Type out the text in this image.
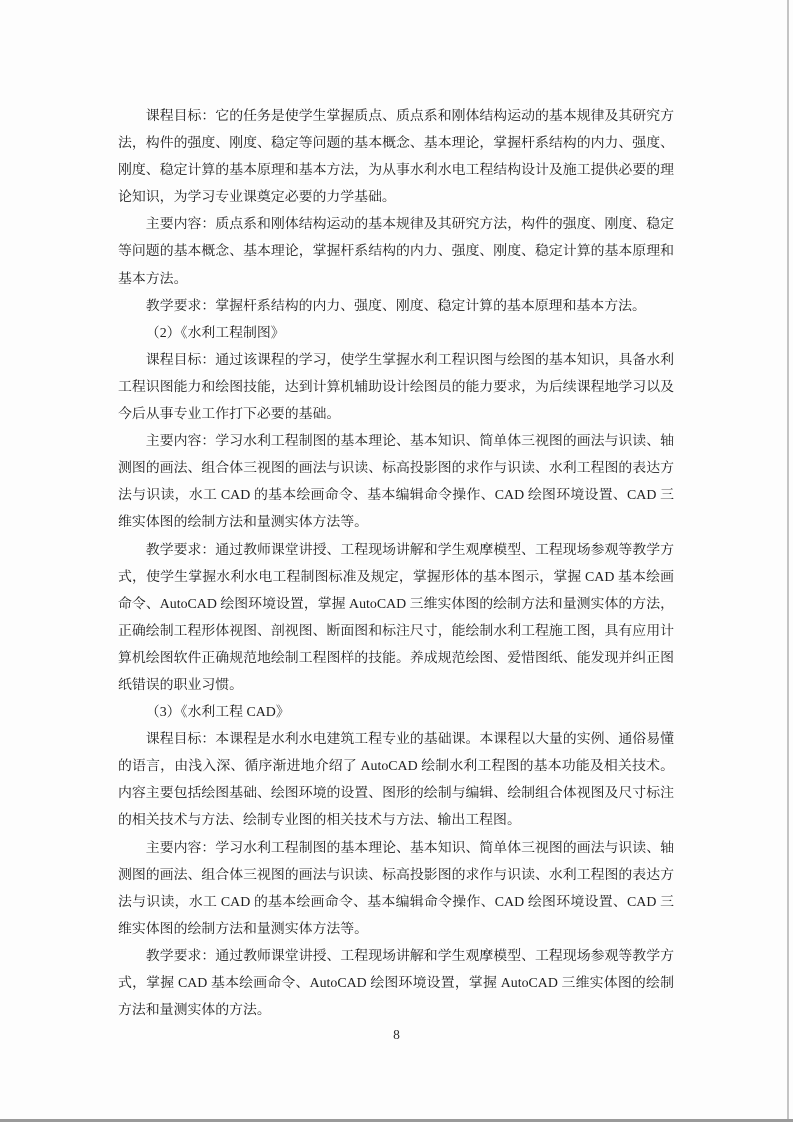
课程目标：它的任务是使学生掌握质点、质点系和刚体结构运动的基本规律及其研究方法，构件的强度、刚度、稳定等问题的基本概念、基本理论，掌握杆系结构的内力、强度、刚度、稳定计算的基本原理和基本方法，为从事水利水电工程结构设计及施工提供必要的理论知识，为学习专业课奠定必要的力学基础。

主要内容：质点系和刚体结构运动的基本规律及其研究方法，构件的强度、刚度、稳定等问题的基本概念、基本理论，掌握杆系结构的内力、强度、刚度、稳定计算的基本原理和基本方法。

教学要求：掌握杆系结构的内力、强度、刚度、稳定计算的基本原理和基本方法。

（2）《水利工程制图》

课程目标：通过该课程的学习，使学生掌握水利工程识图与绘图的基本知识，具备水利工程识图能力和绘图技能，达到计算机辅助设计绘图员的能力要求，为后续课程地学习以及今后从事专业工作打下必要的基础。

主要内容：学习水利工程制图的基本理论、基本知识、简单体三视图的画法与识读、轴测图的画法、组合体三视图的画法与识读、标高投影图的求作与识读、水利工程图的表达方法与识读，水工 CAD 的基本绘画命令、基本编辑命令操作、CAD 绘图环境设置、CAD 三维实体图的绘制方法和量测实体方法等。

教学要求：通过教师课堂讲授、工程现场讲解和学生观摩模型、工程现场参观等教学方式，使学生掌握水利水电工程制图标准及规定，掌握形体的基本图示，掌握 CAD 基本绘画命令、AutoCAD 绘图环境设置，掌握 AutoCAD 三维实体图的绘制方法和量测实体的方法，正确绘制工程形体视图、剖视图、断面图和标注尺寸，能绘制水利工程施工图，具有应用计算机绘图软件正确规范地绘制工程图样的技能。养成规范绘图、爱惜图纸、能发现并纠正图纸错误的职业习惯。

（3）《水利工程 CAD》

课程目标：本课程是水利水电建筑工程专业的基础课。本课程以大量的实例、通俗易懂的语言，由浅入深、循序渐进地介绍了 AutoCAD 绘制水利工程图的基本功能及相关技术。内容主要包括绘图基础、绘图环境的设置、图形的绘制与编辑、绘制组合体视图及尺寸标注的相关技术与方法、绘制专业图的相关技术与方法、输出工程图。

主要内容：学习水利工程制图的基本理论、基本知识、简单体三视图的画法与识读、轴测图的画法、组合体三视图的画法与识读、标高投影图的求作与识读、水利工程图的表达方法与识读，水工 CAD 的基本绘画命令、基本编辑命令操作、CAD 绘图环境设置、CAD 三维实体图的绘制方法和量测实体方法等。

教学要求：通过教师课堂讲授、工程现场讲解和学生观摩模型、工程现场参观等教学方式，掌握 CAD 基本绘画命令、AutoCAD 绘图环境设置，掌握 AutoCAD 三维实体图的绘制方法和量测实体的方法。

8
